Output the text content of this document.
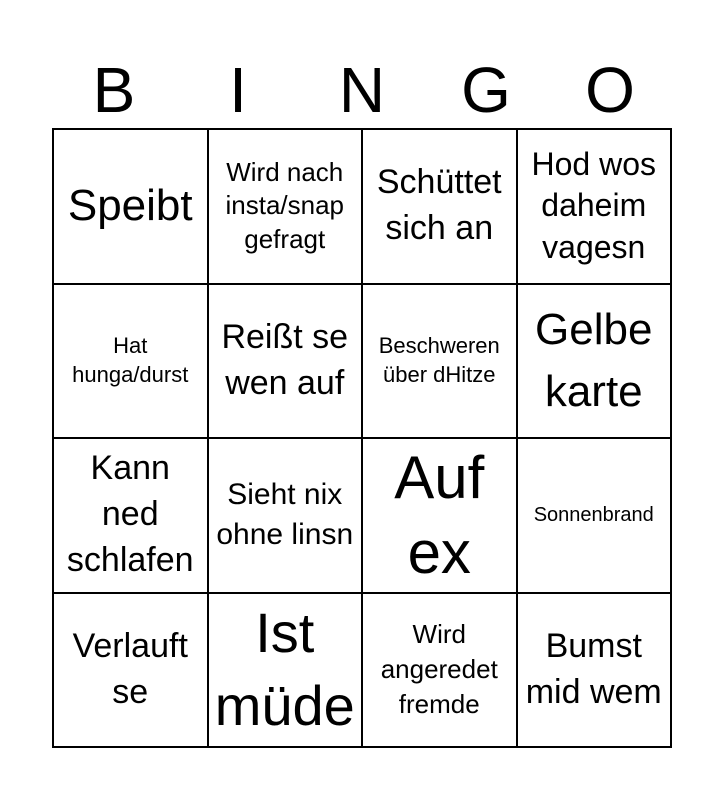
B	I	N	G	O
Speibt
Wird nach insta/snap gefragt
Schüttet sich an
Hod wos daheim vagesn
Hat hunga/durst
Reißt se wen auf
Beschweren über dHitze
Gelbe karte
Kann ned schlafen
Sieht nix ohne linsn
Auf ex
Sonnenbrand
Verlauft se
Ist müde
Wird angeredet fremde
Bumst mid wem
